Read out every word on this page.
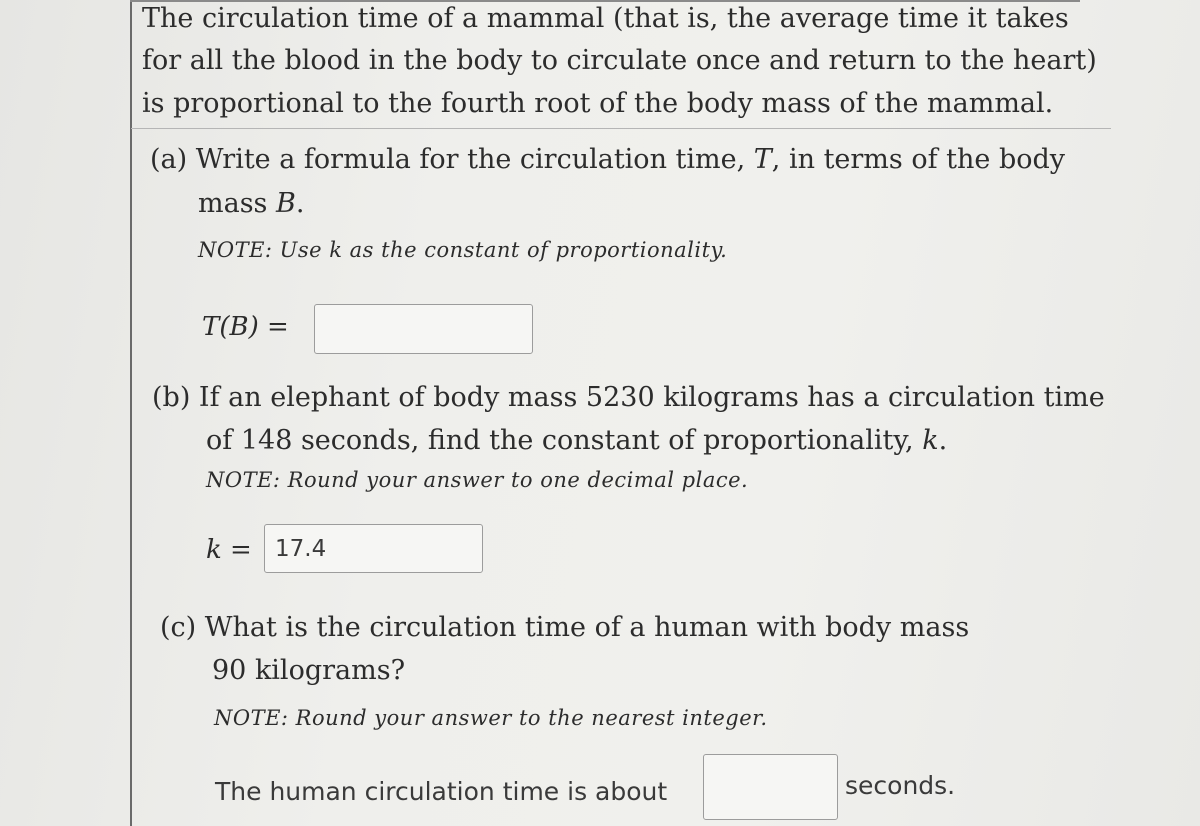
The circulation time of a mammal (that is, the average time it takes
for all the blood in the body to circulate once and return to the heart)
is proportional to the fourth root of the body mass of the mammal.
(a) Write a formula for the circulation time, T, in terms of the body
mass B.
NOTE: Use k as the constant of proportionality.
T(B) =
(b) If an elephant of body mass 5230 kilograms has a circulation time
of 148 seconds, find the constant of proportionality, k.
NOTE: Round your answer to one decimal place.
k =	17.4
(c) What is the circulation time of a human with body mass
90 kilograms?
NOTE: Round your answer to the nearest integer.
The human circulation time is about	seconds.
